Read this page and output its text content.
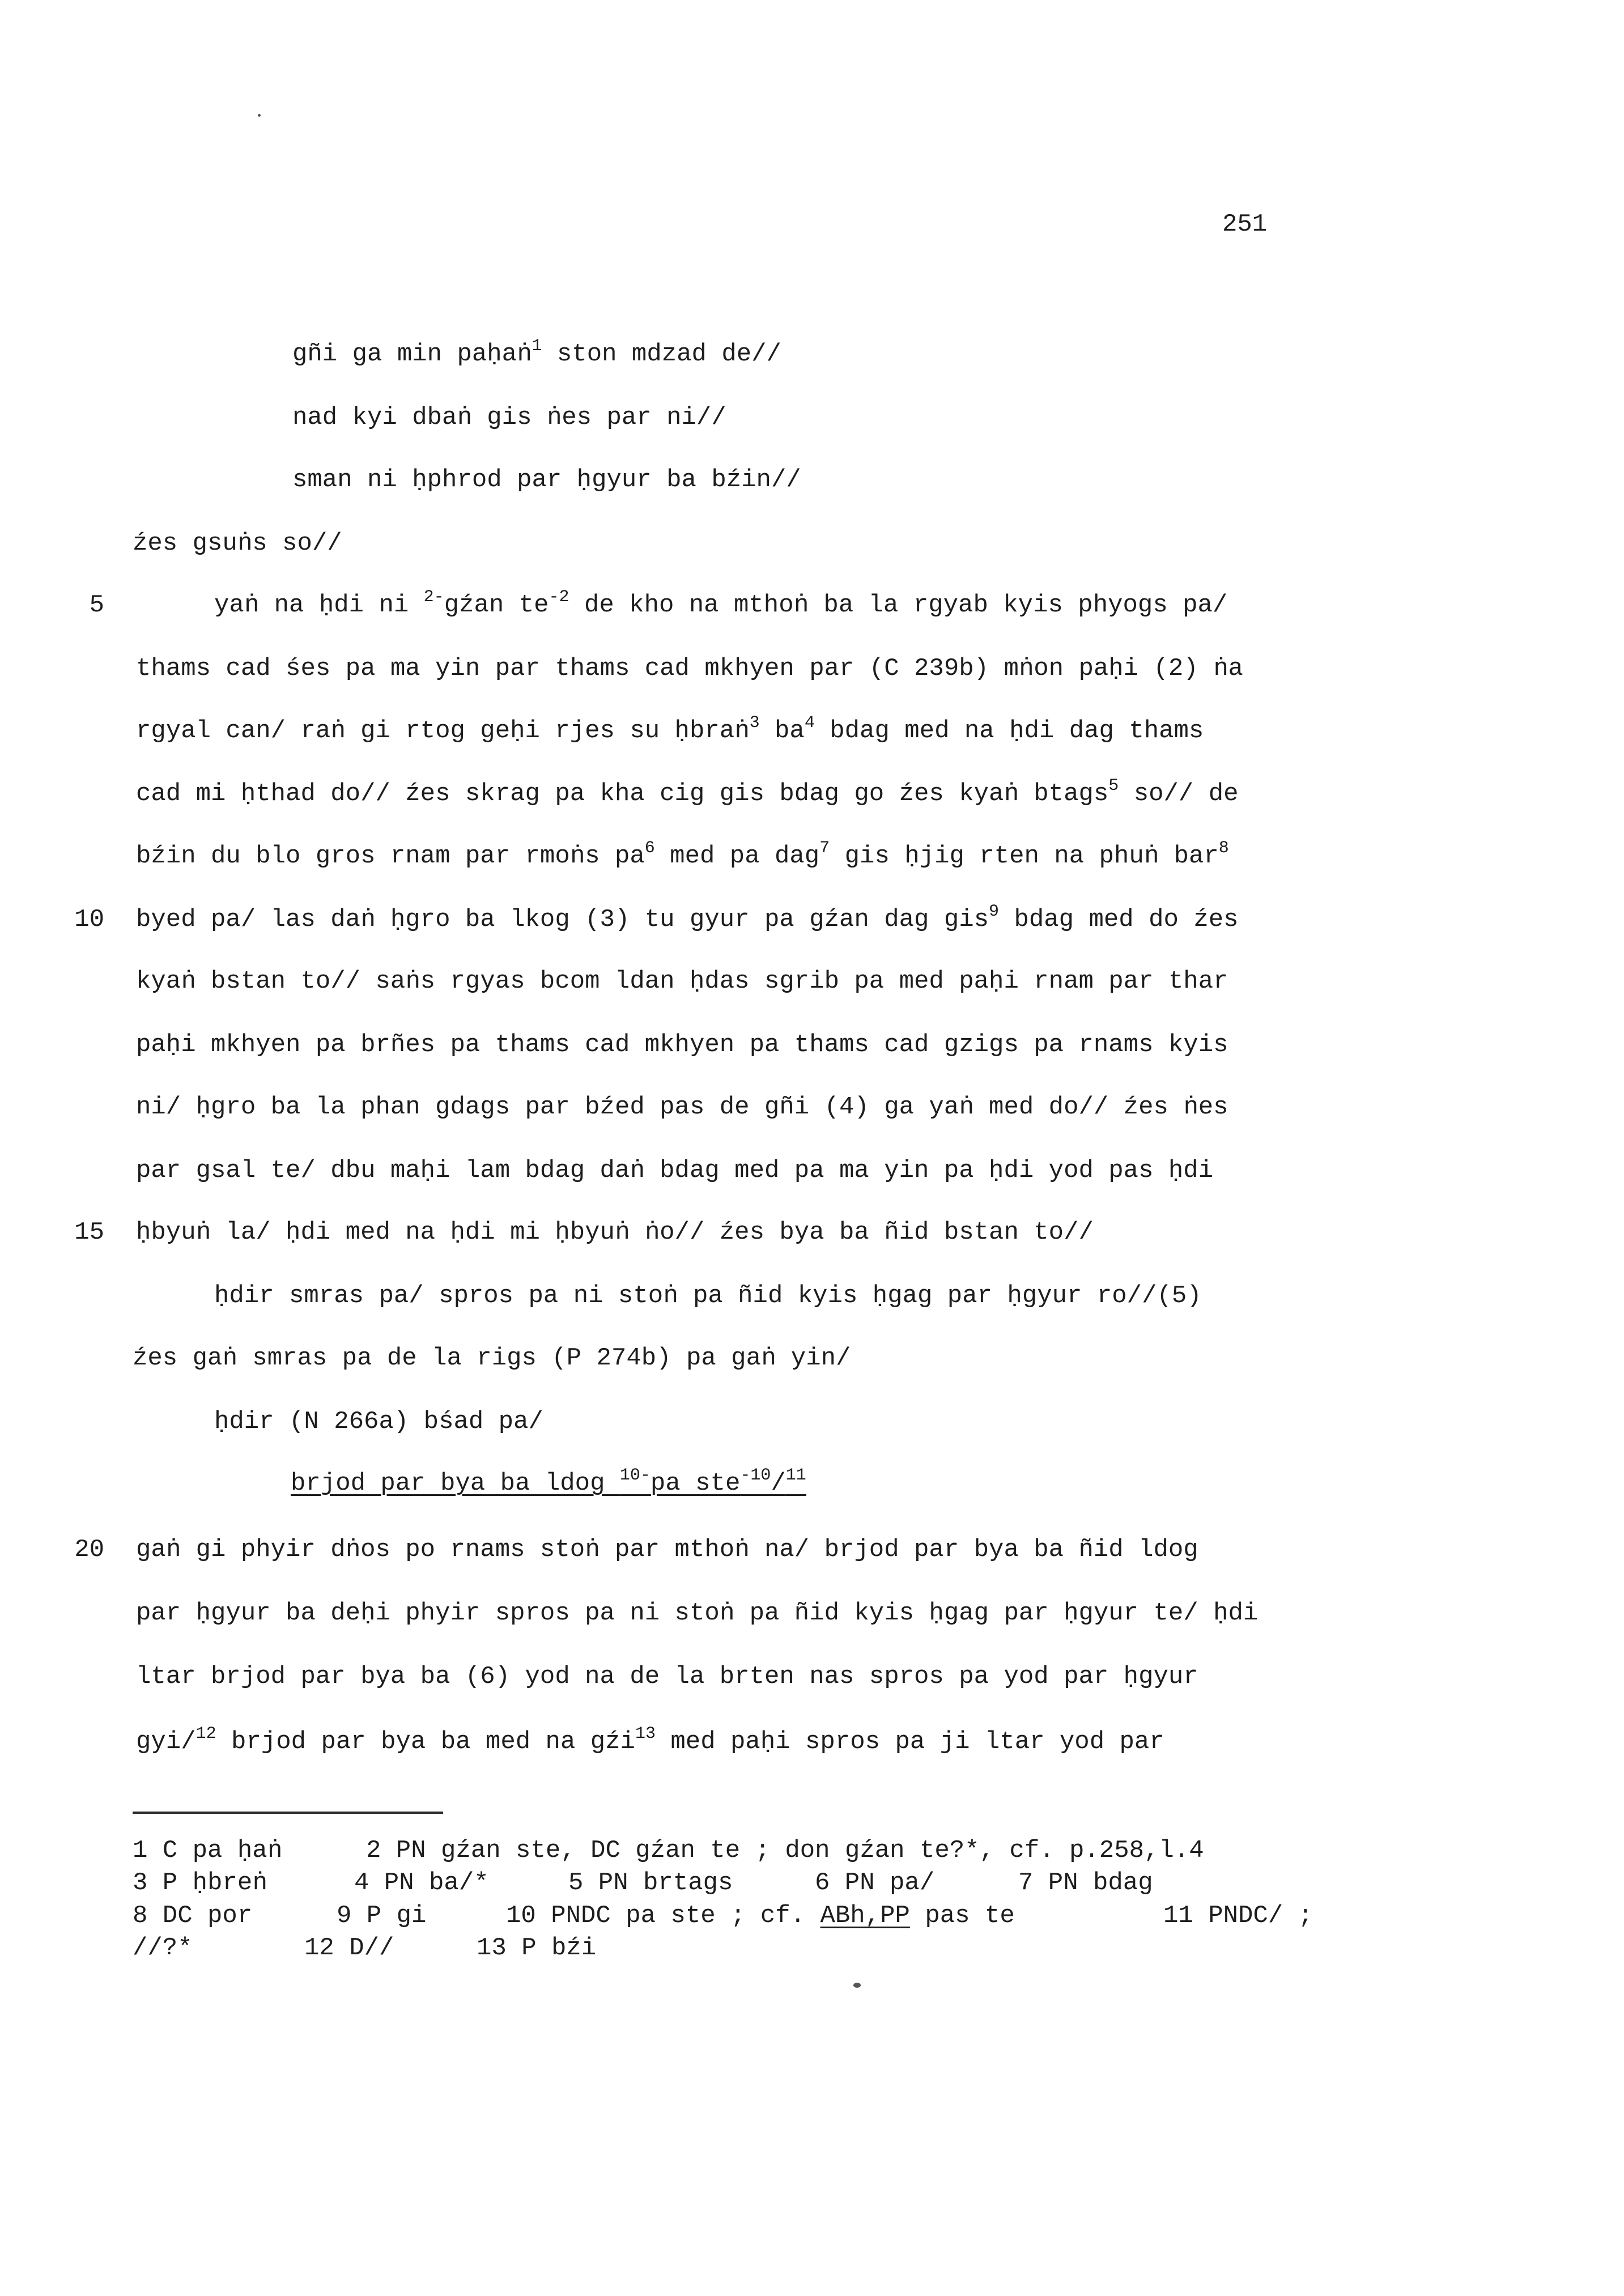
251
gñi ga min paḥaṅ$^1$ ston mdzad de//
nad kyi dbaṅ gis ṅes par ni//
sman ni ḥphrod par ḥgyur ba bźin//
źes gsuṅs so//
5	yaṅ na ḥdi ni $^{2-}$gźan $te^{-2}$ de kho na mthoṅ ba la rgyab kyis phyogs pa/
thams cad śes pa ma yin par thams cad mkhyen par (C 239b) mṅon paḥi (2) ṅa
rgyal can/ raṅ gi rtog geḥi rjes su ḥbraṅ$^3$ $ba^4$ bdag med na ḥdi dag thams
cad mi ḥthad do// źes skrag pa kha cig gis bdag go źes kyaṅ btags$^5$ so// de
bźin du blo gros rnam par rmoṅs $pa^6$ med pa dag$^7$ gis ḥjig rten na phuṅ bar$^8$
10 byed pa/ las daṅ ḥgro ba lkog (3) tu gyur pa gźan dag gis$^9$ bdag med do źes
kyaṅ bstan to// saṅs rgyas bcom ldan ḥdas sgrib pa med paḥi rnam par thar
paḥi mkhyen pa brñes pa thams cad mkhyen pa thams cad gzigs pa rnams kyis
ni/ ḥgro ba la phan gdags par bźed pas de gñi (4) ga yaṅ med do// źes ṅes
par gsal te/ dbu maḥi lam bdag daṅ bdag med pa ma yin pa ḥdi yod pas ḥdi
15 ḥbyuṅ la/ ḥdi med na ḥdi mi ḥbyuṅ ṅo// źes bya ba ñid bstan to//
ḥdir smras pa/ spros pa ni stoṅ pa ñid kyis ḥgag par ḥgyur ro//(5)
źes gaṅ smras pa de la rigs (P 274b) pa gaṅ yin/
ḥdir (N 266a) bśad pa/
brjod par bya ba ldog $^{10-}$pa ste$^{-10}$/$^{11}$
20 gaṅ gi phyir dṅos po rnams stoṅ par mthoṅ na/ brjod par bya ba ñid ldog
par ḥgyur ba deḥi phyir spros pa ni stoṅ pa ñid kyis ḥgag par ḥgyur te/ ḥdi
ltar brjod par bya ba (6) yod na de la brten nas spros pa yod par ḥgyur
gyi/$^{12}$ brjod par bya ba med na gźi$^{13}$ med paḥi spros pa ji ltar yod par
1 C pa ḥaṅ	2 PN gźan ste, DC gźan te ; don gźan te?*, cf. p.258,l.4
3 P ḥbreṅ	4 PN ba/*	5 PN brtags	6 PN pa/	7 PN bdag
8 DC por	9 P gi	10 PNDC pa ste ; cf. ABh,PP pas te	11 PNDC/ ;
//?*	12 D//	13 P bźi
